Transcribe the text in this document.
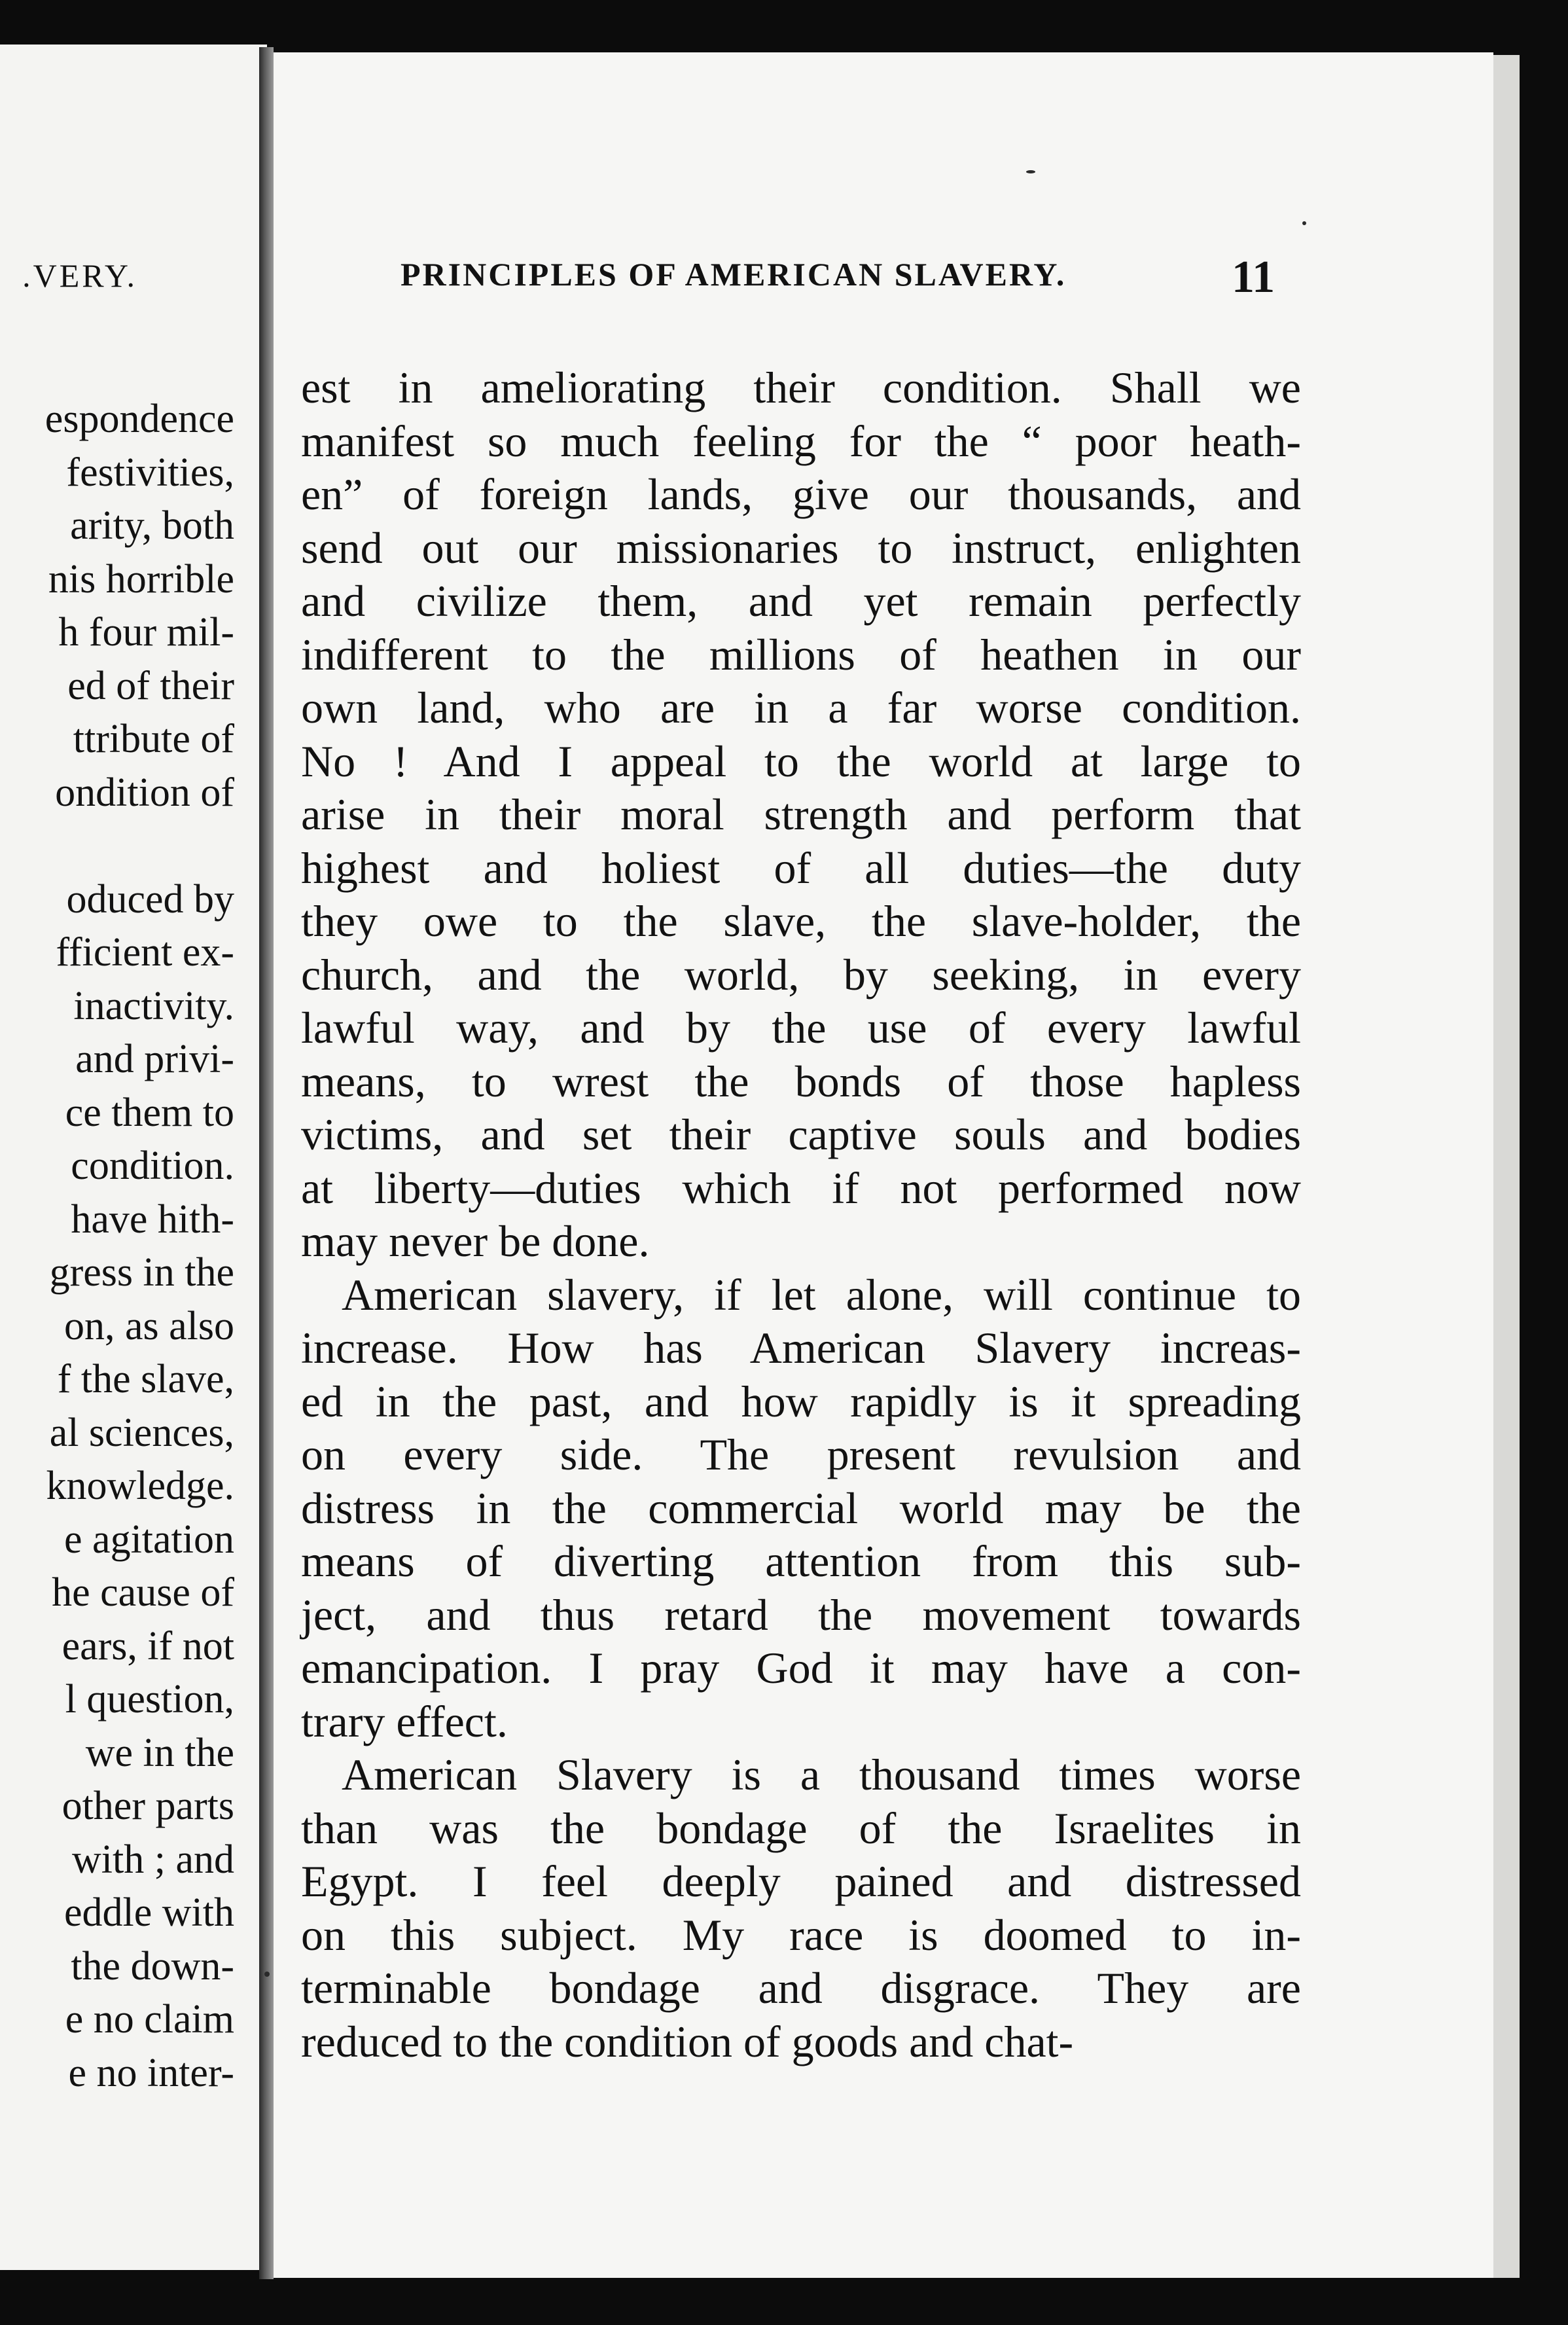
.VERY.
espondence
festivities,
arity, both
nis horrible
h four mil-
ed of their
ttribute of
ondition of

oduced by
fficient ex-
inactivity.
and privi-
ce them to
condition.
have hith-
gress in the
on, as also
f the slave,
al sciences,
knowledge.
e agitation
he cause of
ears, if not
l question,
we in the
other parts
with ; and
eddle with
the down-
e no claim
e no inter-
PRINCIPLES OF AMERICAN SLAVERY.	11
est in ameliorating their condition. Shall we
manifest so much feeling for the “ poor heath-
en” of foreign lands, give our thousands, and
send out our missionaries to instruct, enlighten
and civilize them, and yet remain perfectly
indifferent to the millions of heathen in our
own land, who are in a far worse condition.
No ! And I appeal to the world at large to
arise in their moral strength and perform that
highest and holiest of all duties—the duty
they owe to the slave, the slave-holder, the
church, and the world, by seeking, in every
lawful way, and by the use of every lawful
means, to wrest the bonds of those hapless
victims, and set their captive souls and bodies
at liberty—duties which if not performed now
may never be done.
American slavery, if let alone, will continue to
increase. How has American Slavery increas-
ed in the past, and how rapidly is it spreading
on every side. The present revulsion and
distress in the commercial world may be the
means of diverting attention from this sub-
ject, and thus retard the movement towards
emancipation. I pray God it may have a con-
trary effect.
American Slavery is a thousand times worse
than was the bondage of the Israelites in
Egypt. I feel deeply pained and distressed
on this subject. My race is doomed to in-
terminable bondage and disgrace. They are
reduced to the condition of goods and chat-
